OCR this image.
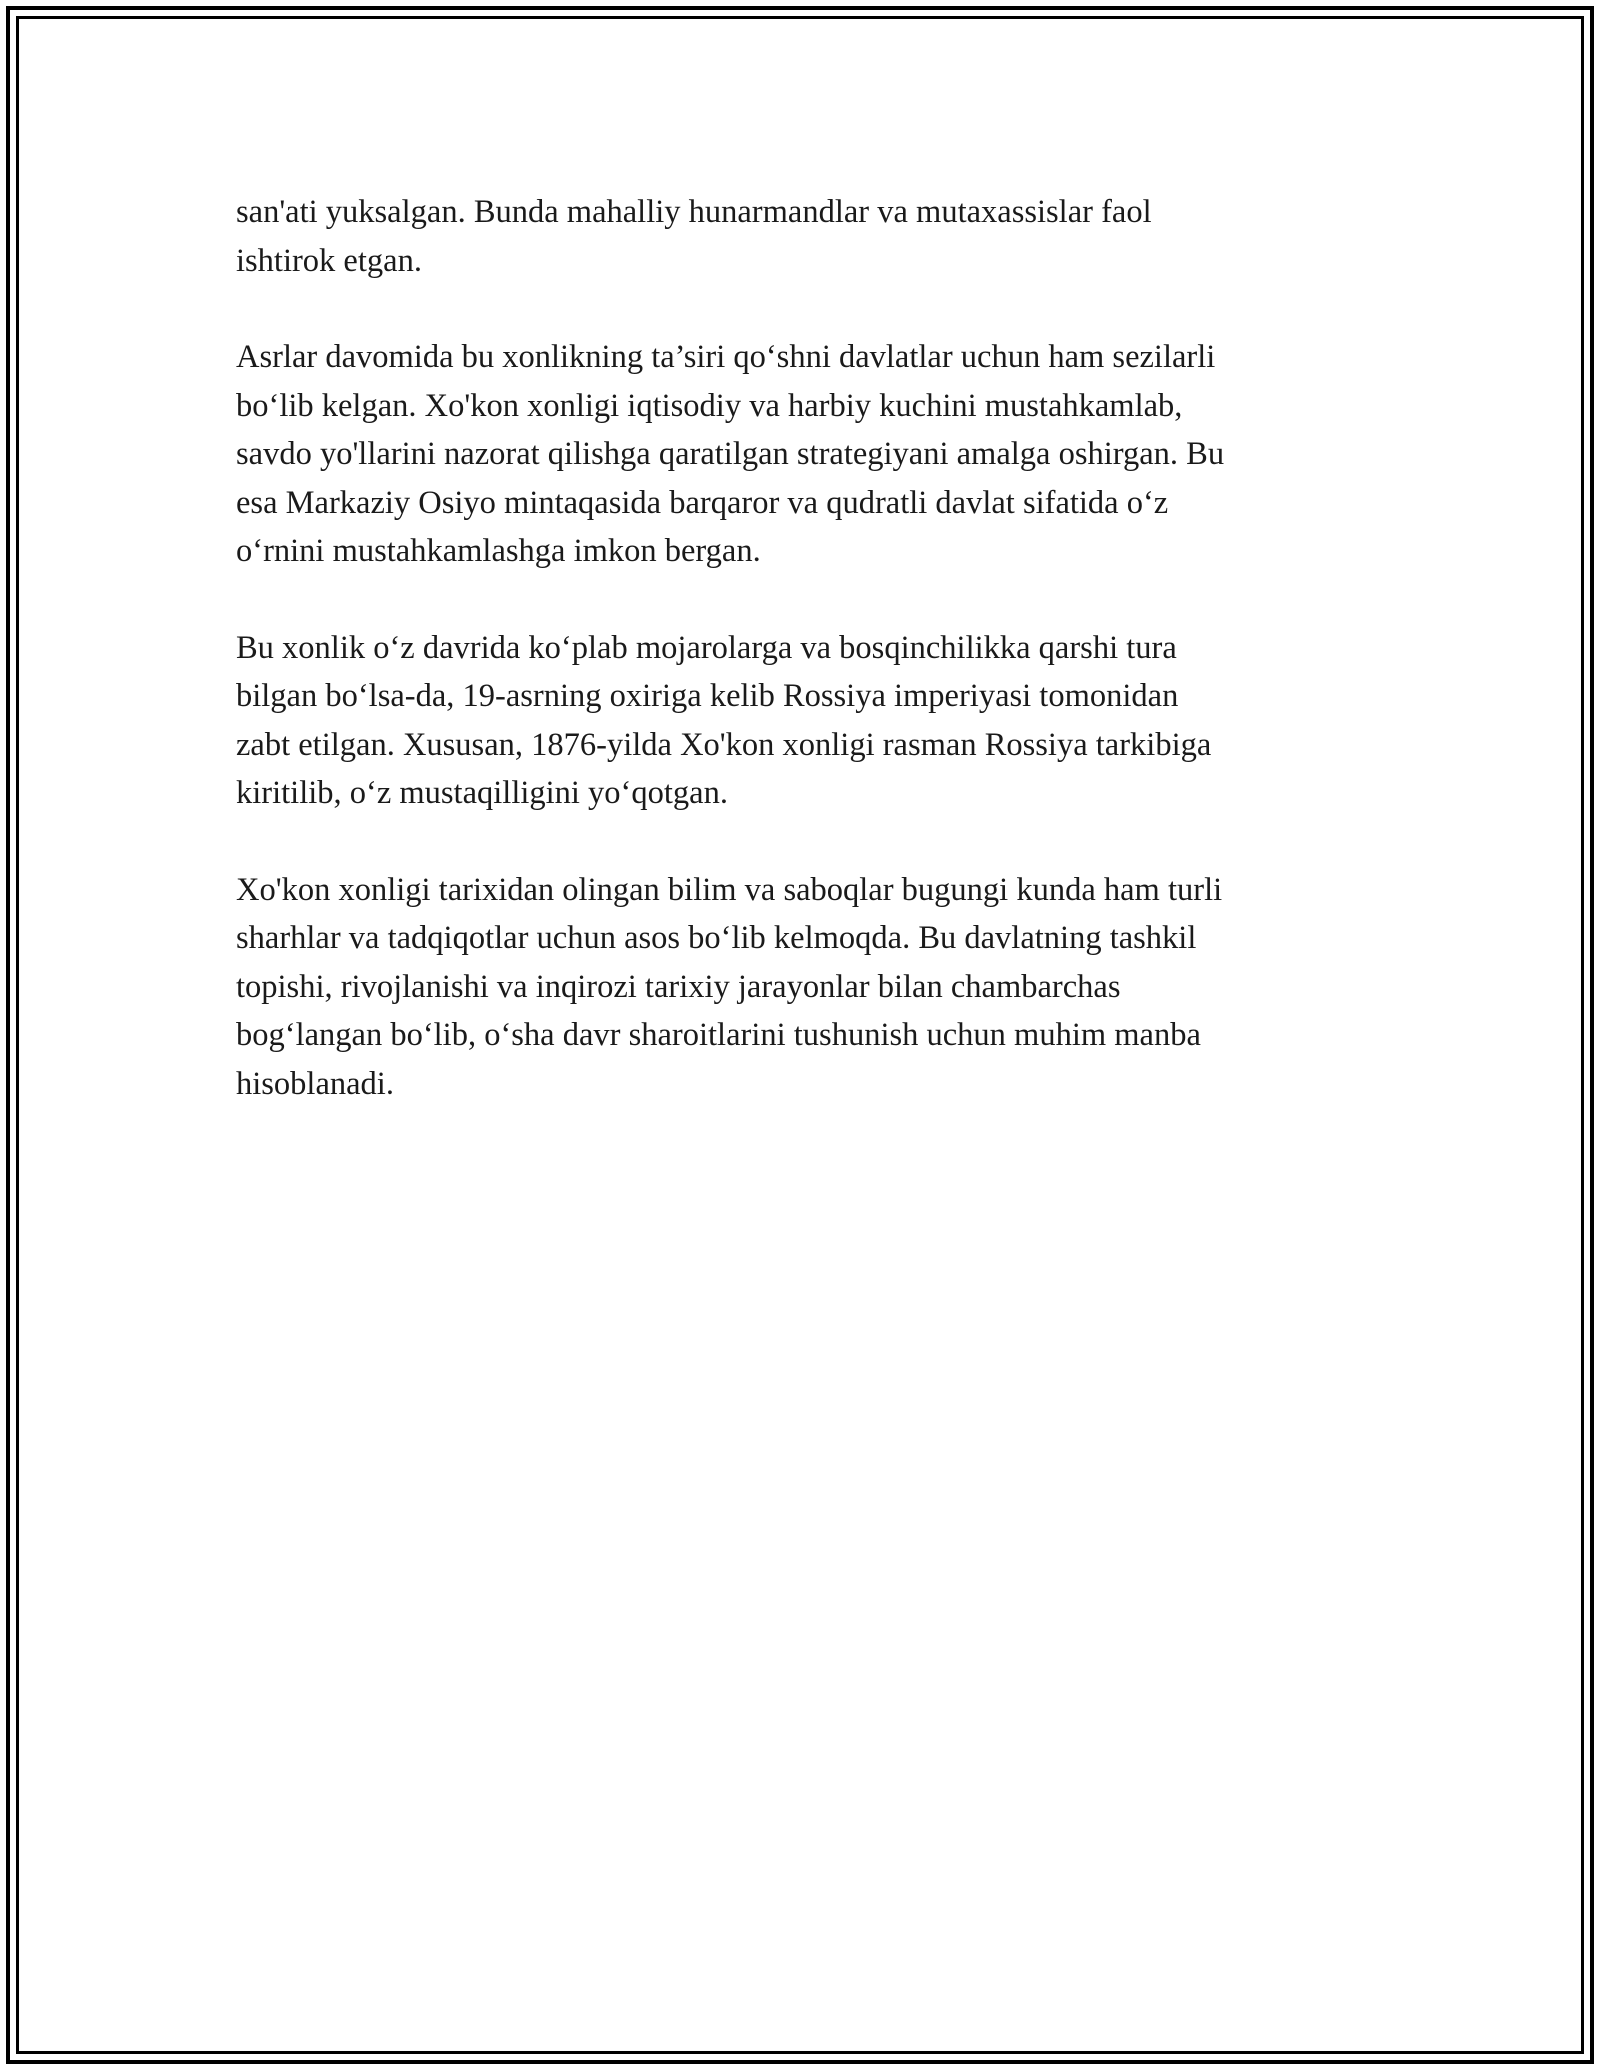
san'ati yuksalgan. Bunda mahalliy hunarmandlar va mutaxassislar faol
ishtirok etgan.

Asrlar davomida bu xonlikning ta’siri qo‘shni davlatlar uchun ham sezilarli
bo‘lib kelgan. Xo'kon xonligi iqtisodiy va harbiy kuchini mustahkamlab,
savdo yo'llarini nazorat qilishga qaratilgan strategiyani amalga oshirgan. Bu
esa Markaziy Osiyo mintaqasida barqaror va qudratli davlat sifatida o‘z
o‘rnini mustahkamlashga imkon bergan.

Bu xonlik o‘z davrida ko‘plab mojarolarga va bosqinchilikka qarshi tura
bilgan bo‘lsa-da, 19-asrning oxiriga kelib Rossiya imperiyasi tomonidan
zabt etilgan. Xususan, 1876-yilda Xo'kon xonligi rasman Rossiya tarkibiga
kiritilib, o‘z mustaqilligini yo‘qotgan.

Xo'kon xonligi tarixidan olingan bilim va saboqlar bugungi kunda ham turli
sharhlar va tadqiqotlar uchun asos bo‘lib kelmoqda. Bu davlatning tashkil
topishi, rivojlanishi va inqirozi tarixiy jarayonlar bilan chambarchas
bog‘langan bo‘lib, o‘sha davr sharoitlarini tushunish uchun muhim manba
hisoblanadi.
